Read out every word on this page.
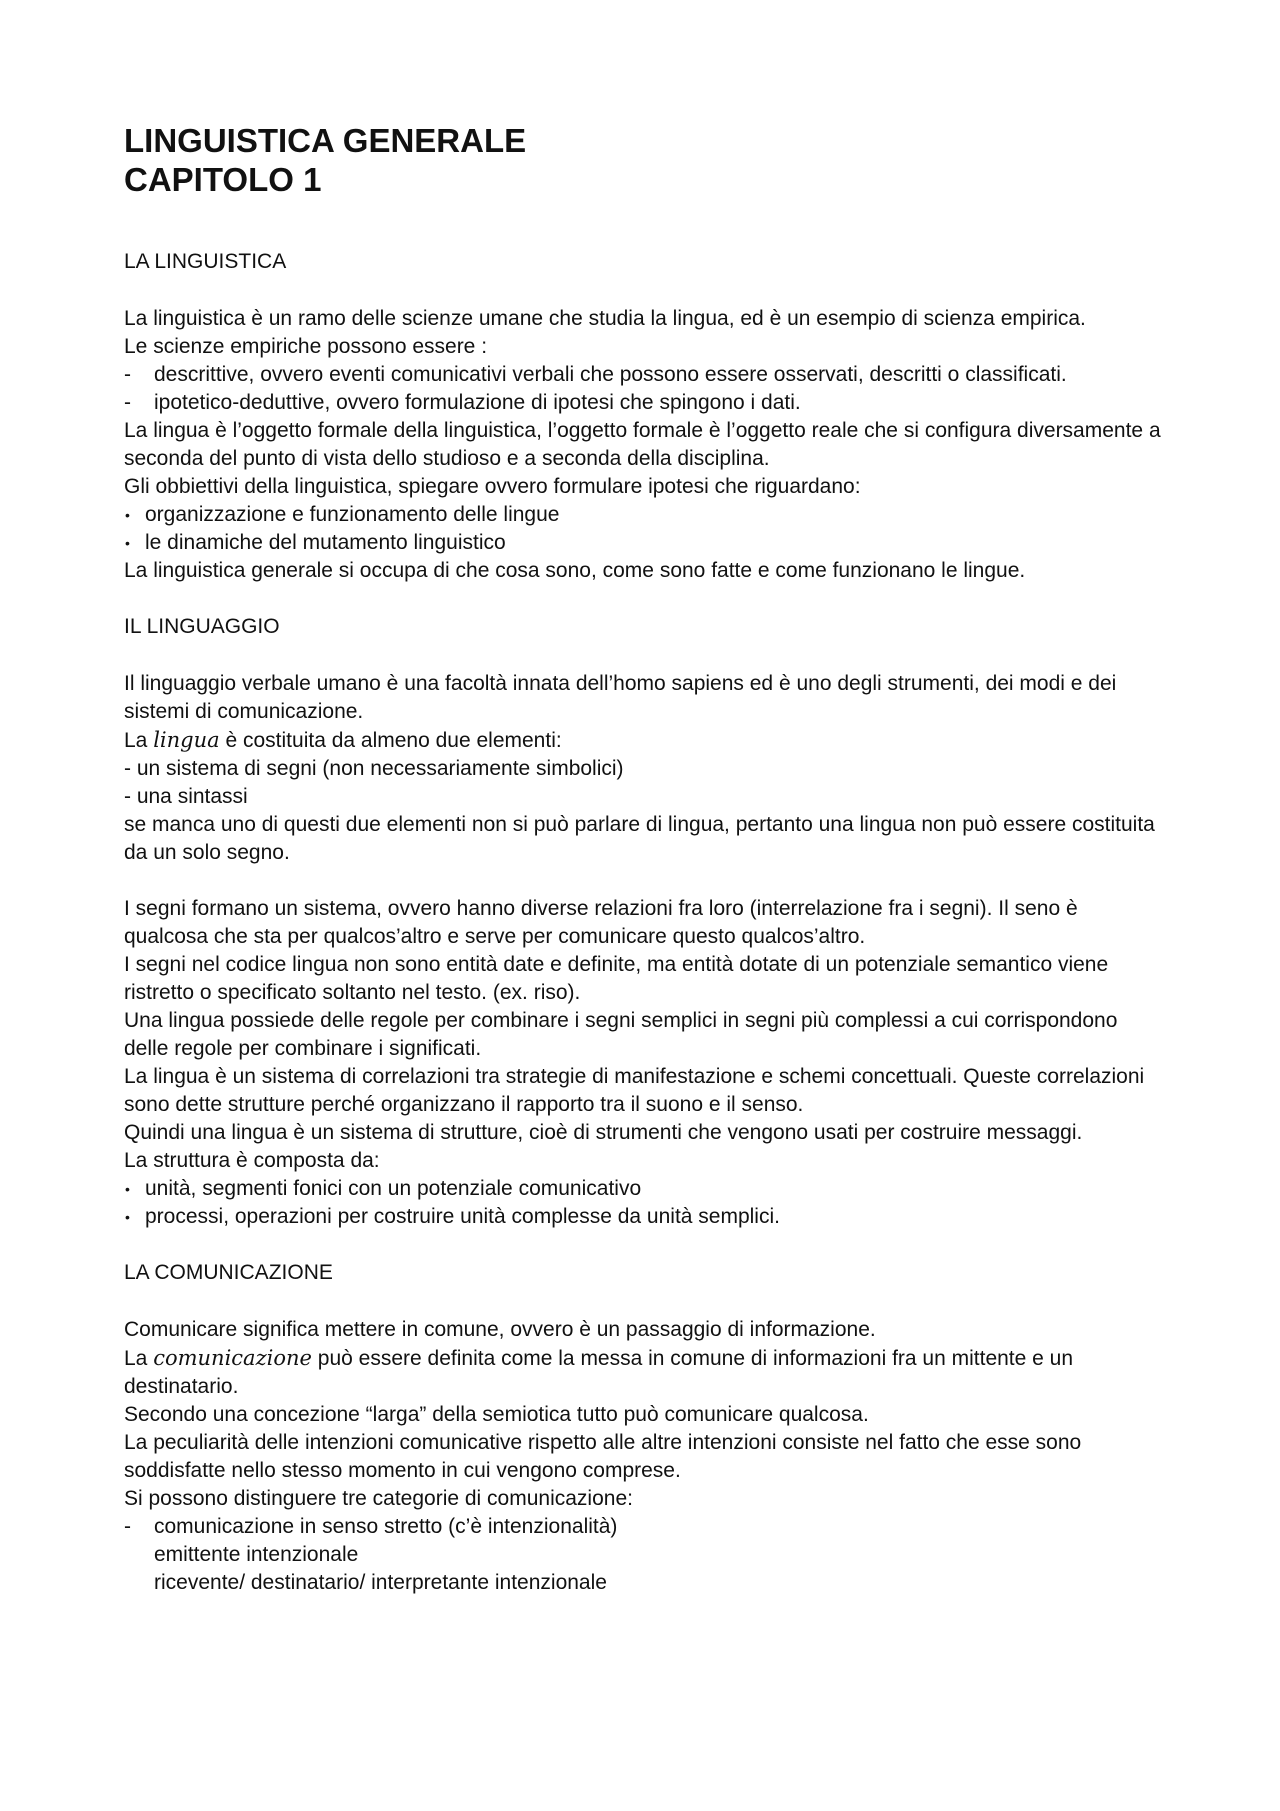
LINGUISTICA GENERALE
CAPITOLO 1
LA LINGUISTICA

La linguistica è un ramo delle scienze umane che studia la lingua, ed è un esempio di scienza empirica.

Le scienze empiriche possono essere :

- descrittive, ovvero eventi comunicativi verbali che possono essere osservati, descritti o classificati.
- ipotetico-deduttive, ovvero formulazione di ipotesi che spingono i dati.

La lingua è l’oggetto formale della linguistica, l’oggetto formale è l’oggetto reale che si configura diversamente a seconda del punto di vista dello studioso e a seconda della disciplina.

Gli obbiettivi della linguistica, spiegare ovvero formulare ipotesi che riguardano:

• organizzazione e funzionamento delle lingue
• le dinamiche del mutamento linguistico

La linguistica generale si occupa di che cosa sono, come sono fatte e come funzionano le lingue.

IL LINGUAGGIO

Il linguaggio verbale umano è una facoltà innata dell’homo sapiens ed è uno degli strumenti, dei modi e dei sistemi di comunicazione.

La lingua è costituita da almeno due elementi:

- un sistema di segni (non necessariamente simbolici)

- una sintassi

se manca uno di questi due elementi non si può parlare di lingua, pertanto una lingua non può essere costituita da un solo segno.

I segni formano un sistema, ovvero hanno diverse relazioni fra loro (interrelazione fra i segni). Il seno è qualcosa che sta per qualcos’altro e serve per comunicare questo qualcos’altro.

I segni nel codice lingua non sono entità date e definite, ma entità dotate di un potenziale semantico viene ristretto o specificato soltanto nel testo. (ex. riso).

Una lingua possiede delle regole per combinare i segni semplici in segni più complessi a cui corrispondono delle regole per combinare i significati.

La lingua è un sistema di correlazioni tra strategie di manifestazione e schemi concettuali. Queste correlazioni sono dette strutture perché organizzano il rapporto tra il suono e il senso.

Quindi una lingua è un sistema di strutture, cioè di strumenti che vengono usati per costruire messaggi.

La struttura è composta da:

• unità, segmenti fonici con un potenziale comunicativo
• processi, operazioni per costruire unità complesse da unità semplici.
LA COMUNICAZIONE

Comunicare significa mettere in comune, ovvero è un passaggio di informazione.

La comunicazione può essere definita come la messa in comune di informazioni fra un mittente e un destinatario.

Secondo una concezione “larga” della semiotica tutto può comunicare qualcosa.

La peculiarità delle intenzioni comunicative rispetto alle altre intenzioni consiste nel fatto che esse sono soddisfatte nello stesso momento in cui vengono comprese.

Si possono distinguere tre categorie di comunicazione:

- comunicazione in senso stretto (c’è intenzionalità)

emittente intenzionale

ricevente/ destinatario/ interpretante intenzionale
